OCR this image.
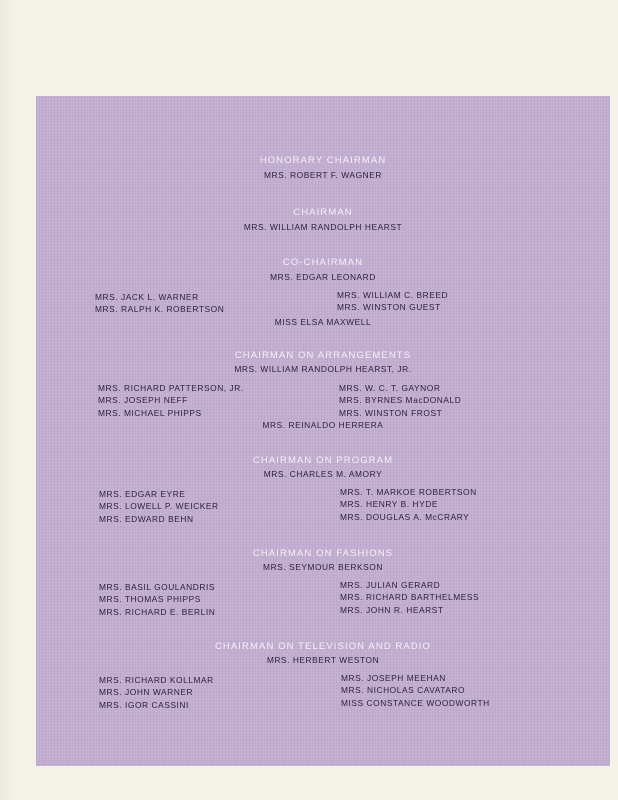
HONORARY CHAIRMAN
MRS. ROBERT F. WAGNER
CHAIRMAN
MRS. WILLIAM RANDOLPH HEARST
CO-CHAIRMAN
MRS. EDGAR LEONARD
MRS. JACK L. WARNER
MRS. RALPH K. ROBERTSON
MRS. WILLIAM C. BREED
MRS. WINSTON GUEST
MISS ELSA MAXWELL
CHAIRMAN ON ARRANGEMENTS
MRS. WILLIAM RANDOLPH HEARST, JR.
MRS. RICHARD PATTERSON, JR.
MRS. JOSEPH NEFF
MRS. MICHAEL PHIPPS
MRS. W. C. T. GAYNOR
MRS. BYRNES MacDONALD
MRS. WINSTON FROST
MRS. REINALDO HERRERA
CHAIRMAN ON PROGRAM
MRS. CHARLES M. AMORY
MRS. EDGAR EYRE
MRS. LOWELL P. WEICKER
MRS. EDWARD BEHN
MRS. T. MARKOE ROBERTSON
MRS. HENRY B. HYDE
MRS. DOUGLAS A. McCRARY
CHAIRMAN ON FASHIONS
MRS. SEYMOUR BERKSON
MRS. BASIL GOULANDRIS
MRS. THOMAS PHIPPS
MRS. RICHARD E. BERLIN
MRS. JULIAN GERARD
MRS. RICHARD BARTHELMESS
MRS. JOHN R. HEARST
CHAIRMAN ON TELEVISION AND RADIO
MRS. HERBERT WESTON
MRS. RICHARD KOLLMAR
MRS. JOHN WARNER
MRS. IGOR CASSINI
MRS. JOSEPH MEEHAN
MRS. NICHOLAS CAVATARO
MISS CONSTANCE WOODWORTH
